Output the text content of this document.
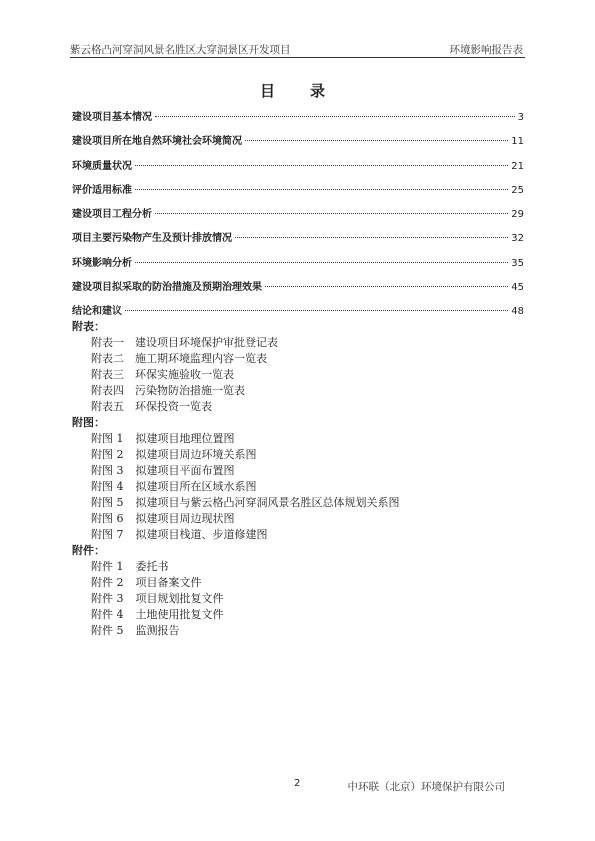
紫云格凸河穿洞风景名胜区大穿洞景区开发项目	环境影响报告表
目　录
建设项目基本情况	3
建设项目所在地自然环境社会环境简况	11
环境质量状况	21
评价适用标准	25
建设项目工程分析	29
项目主要污染物产生及预计排放情况	32
环境影响分析	35
建设项目拟采取的防治措施及预期治理效果	45
结论和建议	48
附表：
附表一 建设项目环境保护审批登记表
附表二 施工期环境监理内容一览表
附表三 环保实施验收一览表
附表四 污染物防治措施一览表
附表五 环保投资一览表
附图：
附图 1 拟建项目地理位置图
附图 2 拟建项目周边环境关系图
附图 3 拟建项目平面布置图
附图 4 拟建项目所在区域水系图
附图 5 拟建项目与紫云格凸河穿洞风景名胜区总体规划关系图
附图 6 拟建项目周边现状图
附图 7 拟建项目栈道、步道修建图
附件：
附件 1 委托书
附件 2 项目备案文件
附件 3 项目规划批复文件
附件 4 土地使用批复文件
附件 5 监测报告
2	中环联（北京）环境保护有限公司
